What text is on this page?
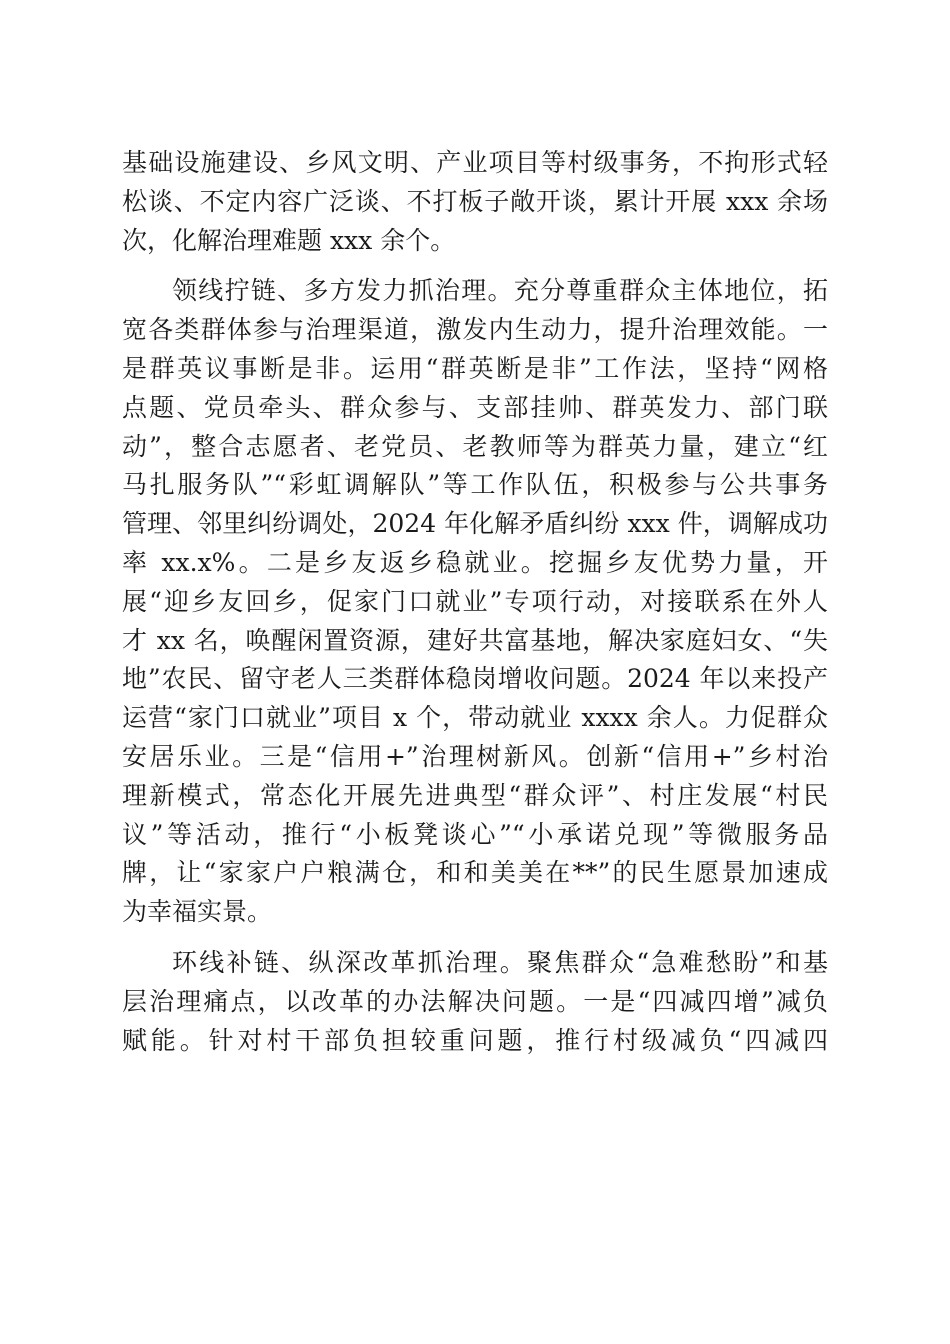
基础设施建设、乡风文明、产业项目等村级事务，不拘形式轻
松谈、不定内容广泛谈、不打板子敞开谈，累计开展 xxx 余场
次，化解治理难题 xxx 余个。
领线拧链、多方发力抓治理。充分尊重群众主体地位，拓
宽各类群体参与治理渠道，激发内生动力，提升治理效能。一
是群英议事断是非。运用“群英断是非”工作法，坚持“网格
点题、党员牵头、群众参与、支部挂帅、群英发力、部门联
动”，整合志愿者、老党员、老教师等为群英力量，建立“红
马扎服务队”“彩虹调解队”等工作队伍，积极参与公共事务
管理、邻里纠纷调处，2024 年化解矛盾纠纷 xxx 件，调解成功
率 xx.x%。二是乡友返乡稳就业。挖掘乡友优势力量，开
展“迎乡友回乡，促家门口就业”专项行动，对接联系在外人
才 xx 名，唤醒闲置资源，建好共富基地，解决家庭妇女、“失
地”农民、留守老人三类群体稳岗增收问题。2024 年以来投产
运营“家门口就业”项目 x 个，带动就业 xxxx 余人。力促群众
安居乐业。三是“信用+”治理树新风。创新“信用+”乡村治
理新模式，常态化开展先进典型“群众评”、村庄发展“村民
议”等活动，推行“小板凳谈心”“小承诺兑现”等微服务品
牌，让“家家户户粮满仓，和和美美在**”的民生愿景加速成
为幸福实景。
环线补链、纵深改革抓治理。聚焦群众“急难愁盼”和基
层治理痛点，以改革的办法解决问题。一是“四减四增”减负
赋能。针对村干部负担较重问题，推行村级减负“四减四
